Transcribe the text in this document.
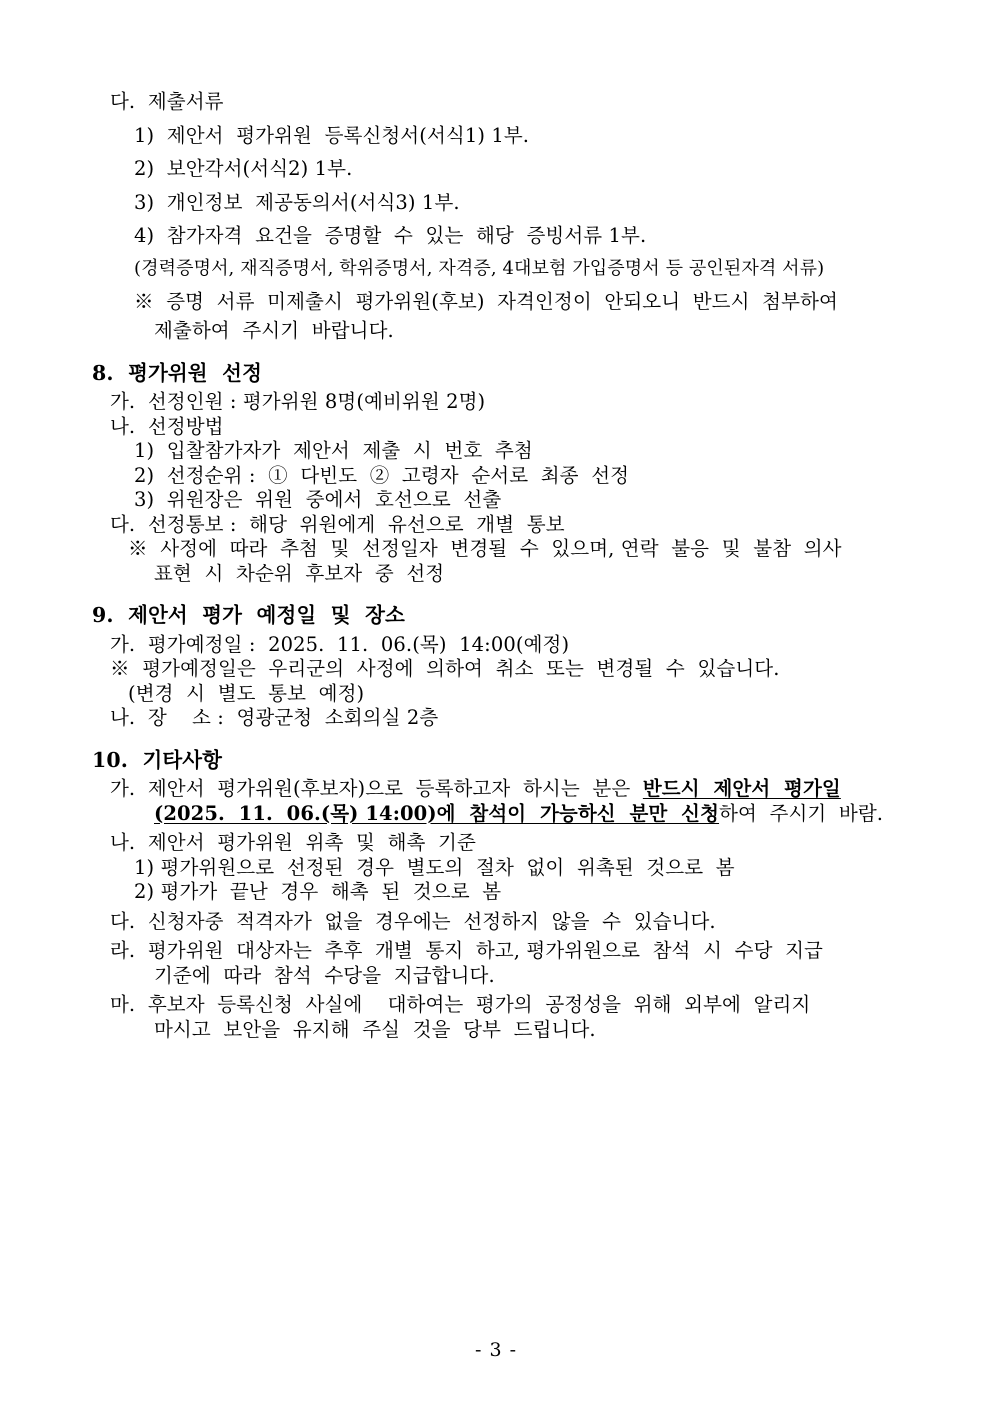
다.  제출서류
1)  제안서  평가위원  등록신청서(서식1) 1부.
2)  보안각서(서식2) 1부.
3)  개인정보  제공동의서(서식3) 1부.
4)  참가자격  요건을  증명할  수  있는  해당  증빙서류 1부.
(경력증명서, 재직증명서, 학위증명서, 자격증, 4대보험 가입증명서 등 공인된자격 서류)
※  증명  서류  미제출시  평가위원(후보)  자격인정이  안되오니  반드시  첨부하여
제출하여  주시기  바랍니다.
8.  평가위원  선정
가.  선정인원 : 평가위원 8명(예비위원 2명)
나.  선정방법
1)  입찰참가자가  제안서  제출  시  번호  추첨
2)  선정순위 :  ①  다빈도  ②  고령자  순서로  최종  선정
3)  위원장은  위원  중에서  호선으로  선출
다.  선정통보 :  해당  위원에게  유선으로  개별  통보
※  사정에  따라  추첨  및  선정일자  변경될  수  있으며, 연락  불응  및  불참  의사
표현  시  차순위  후보자  중  선정
9.  제안서  평가  예정일  및  장소
가.  평가예정일 :  2025.  11.  06.(목)  14:00(예정)
※  평가예정일은  우리군의  사정에  의하여  취소  또는  변경될  수  있습니다.
(변경  시  별도  통보  예정)
나.  장    소 :  영광군청  소회의실 2층
10.  기타사항
가.  제안서  평가위원(후보자)으로  등록하고자  하시는  분은  반드시  제안서  평가일
(2025.  11.  06.(목) 14:00)에  참석이  가능하신  분만  신청하여  주시기  바람.
나.  제안서  평가위원  위촉  및  해촉  기준
1) 평가위원으로  선정된  경우  별도의  절차  없이  위촉된  것으로  봄
2) 평가가  끝난  경우  해촉  된  것으로  봄
다.  신청자중  적격자가  없을  경우에는  선정하지  않을  수  있습니다.
라.  평가위원  대상자는  추후  개별  통지  하고, 평가위원으로  참석  시  수당  지급
기준에  따라  참석  수당을  지급합니다.
마.  후보자  등록신청  사실에    대하여는  평가의  공정성을  위해  외부에  알리지
마시고  보안을  유지해  주실  것을  당부  드립니다.
- 3 -
